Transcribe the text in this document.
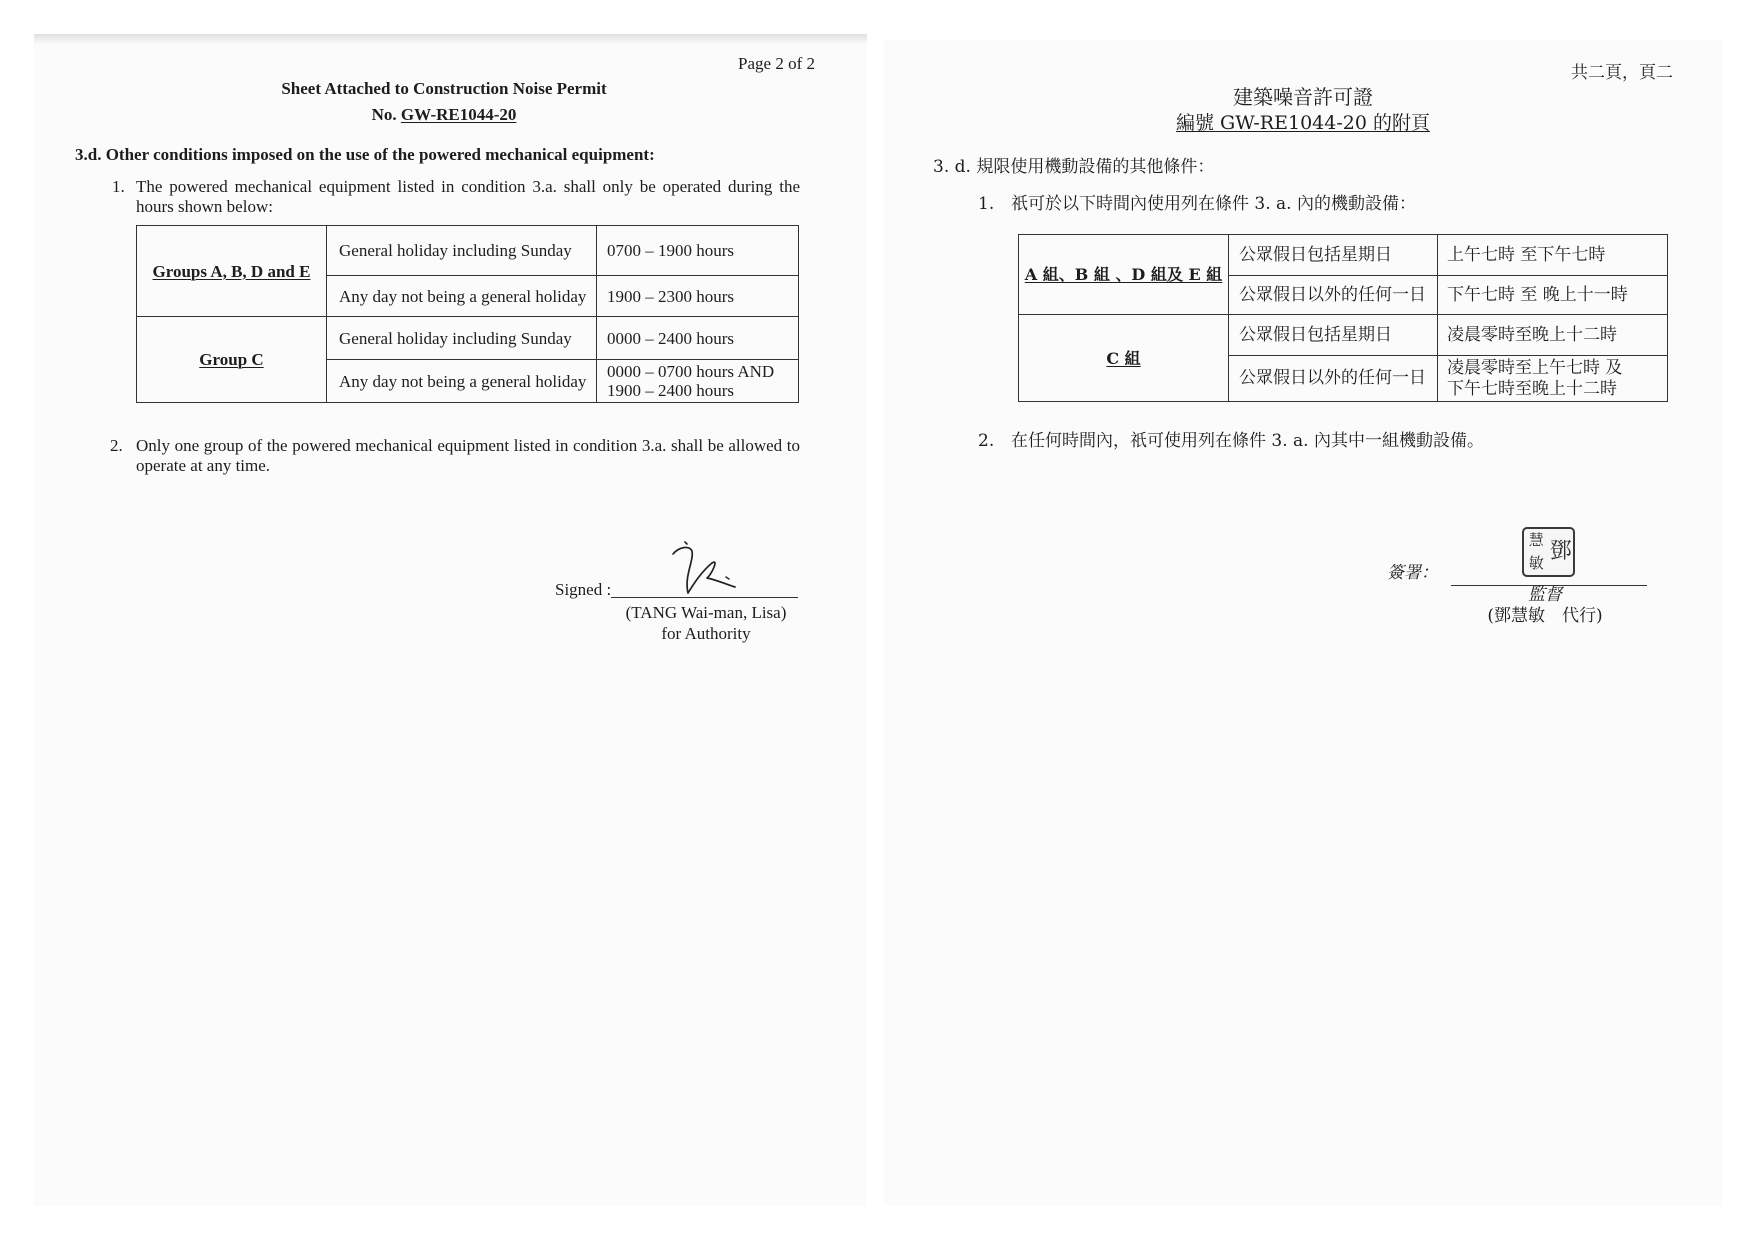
Page 2 of 2
Sheet Attached to Construction Noise Permit
No. GW-RE1044-20
3.d. Other conditions imposed on the use of the powered mechanical equipment:
1. The powered mechanical equipment listed in condition 3.a. shall only be operated during the
hours shown below:
Groups A, B, D and E	General holiday including Sunday	0700 – 1900 hours

	Any day not being a general holiday	1900 – 2300 hours

Group C	General holiday including Sunday	0000 – 2400 hours

	Any day not being a general holiday	0000 – 0700 hours AND
1900 – 2400 hours
2. Only one group of the powered mechanical equipment listed in condition 3.a. shall be allowed to
operate at any time.
Signed :
(TANG Wai-man, Lisa)
for Authority
共二頁，頁二
建築噪音許可證
編號 GW-RE1044-20 的附頁
3. d. 規限使用機動設備的其他條件：
1. 祇可於以下時間內使用列在條件 3. a. 內的機動設備：
A 組、B 組 、D 組及 E 組	公眾假日包括星期日	上午七時 至下午七時

	公眾假日以外的任何一日	下午七時 至 晚上十一時

C 組	公眾假日包括星期日	凌晨零時至晚上十二時

	公眾假日以外的任何一日	凌晨零時至上午七時 及
下午七時至晚上十二時
2. 在任何時間內，祇可使用列在條件 3. a. 內其中一組機動設備。
鄧
慧
敏
簽署：
監督
(鄧慧敏　代行)
